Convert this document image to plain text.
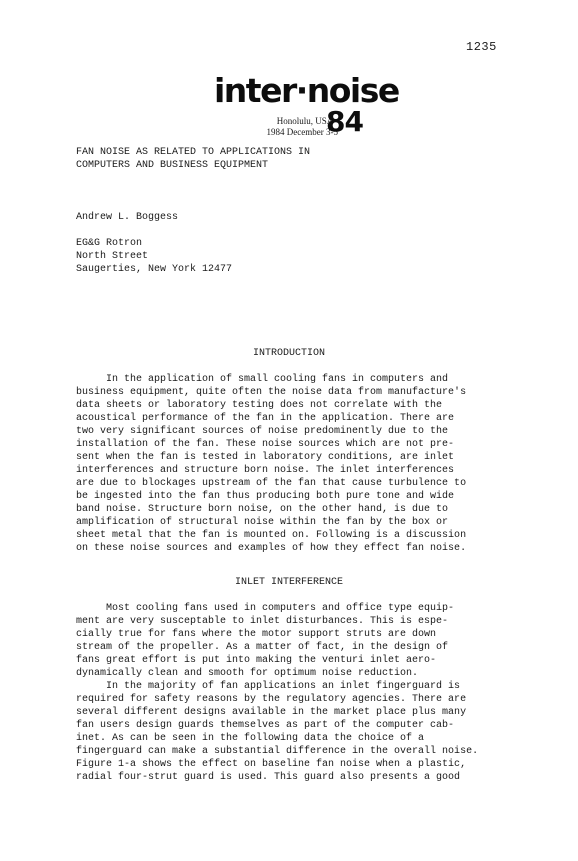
1235
inter·noise
Honolulu, USA
1984 December 3-5
84
FAN NOISE AS RELATED TO APPLICATIONS IN
COMPUTERS AND BUSINESS EQUIPMENT
Andrew L. Boggess
EG&G Rotron
North Street
Saugerties, New York 12477
INTRODUCTION
In the application of small cooling fans in computers and
business equipment, quite often the noise data from manufacture's
data sheets or laboratory testing does not correlate with the
acoustical performance of the fan in the application. There are
two very significant sources of noise predominently due to the
installation of the fan. These noise sources which are not pre-
sent when the fan is tested in laboratory conditions, are inlet
interferences and structure born noise. The inlet interferences
are due to blockages upstream of the fan that cause turbulence to
be ingested into the fan thus producing both pure tone and wide
band noise. Structure born noise, on the other hand, is due to
amplification of structural noise within the fan by the box or
sheet metal that the fan is mounted on. Following is a discussion
on these noise sources and examples of how they effect fan noise.
INLET INTERFERENCE
Most cooling fans used in computers and office type equip-
ment are very susceptable to inlet disturbances. This is espe-
cially true for fans where the motor support struts are down
stream of the propeller. As a matter of fact, in the design of
fans great effort is put into making the venturi inlet aero-
dynamically clean and smooth for optimum noise reduction.
In the majority of fan applications an inlet fingerguard is
required for safety reasons by the regulatory agencies. There are
several different designs available in the market place plus many
fan users design guards themselves as part of the computer cab-
inet. As can be seen in the following data the choice of a
fingerguard can make a substantial difference in the overall noise.
Figure 1-a shows the effect on baseline fan noise when a plastic,
radial four-strut guard is used. This guard also presents a good
